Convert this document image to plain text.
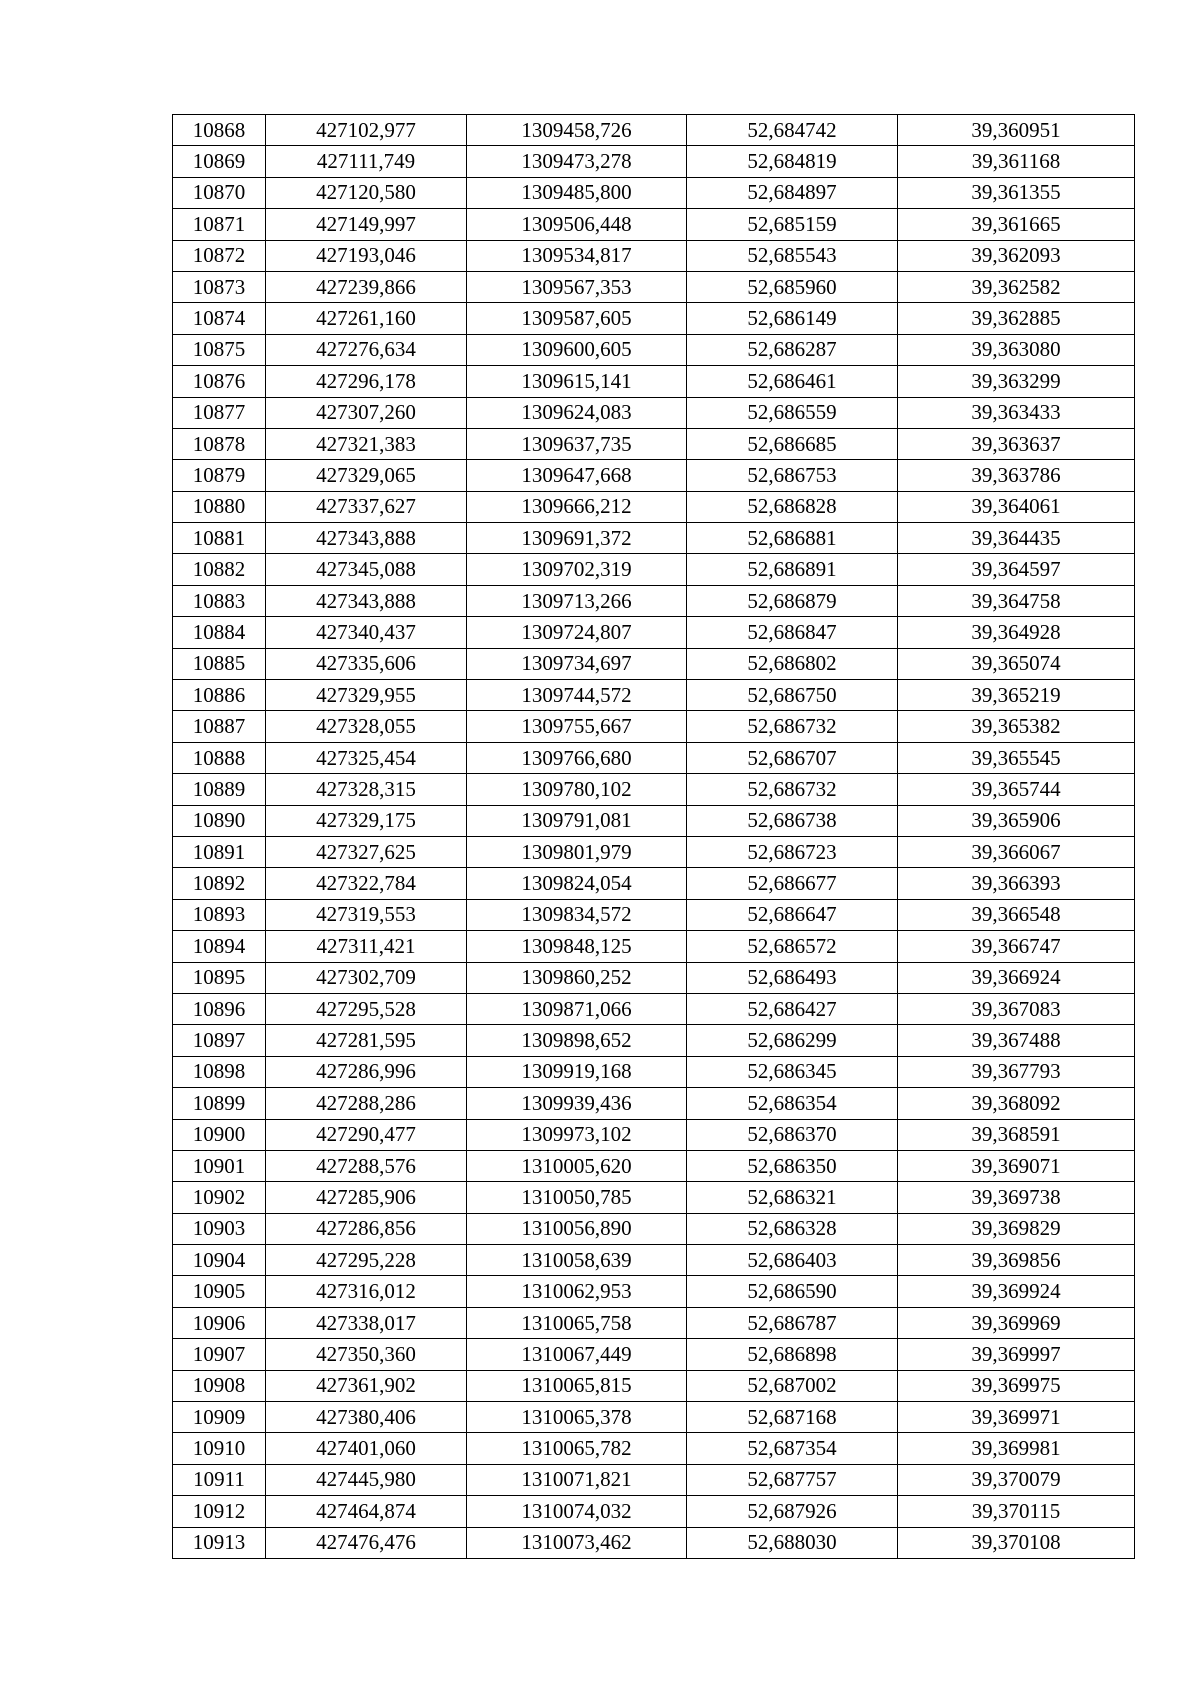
10868	427102,977	1309458,726	52,684742	39,360951
10869	427111,749	1309473,278	52,684819	39,361168
10870	427120,580	1309485,800	52,684897	39,361355
10871	427149,997	1309506,448	52,685159	39,361665
10872	427193,046	1309534,817	52,685543	39,362093
10873	427239,866	1309567,353	52,685960	39,362582
10874	427261,160	1309587,605	52,686149	39,362885
10875	427276,634	1309600,605	52,686287	39,363080
10876	427296,178	1309615,141	52,686461	39,363299
10877	427307,260	1309624,083	52,686559	39,363433
10878	427321,383	1309637,735	52,686685	39,363637
10879	427329,065	1309647,668	52,686753	39,363786
10880	427337,627	1309666,212	52,686828	39,364061
10881	427343,888	1309691,372	52,686881	39,364435
10882	427345,088	1309702,319	52,686891	39,364597
10883	427343,888	1309713,266	52,686879	39,364758
10884	427340,437	1309724,807	52,686847	39,364928
10885	427335,606	1309734,697	52,686802	39,365074
10886	427329,955	1309744,572	52,686750	39,365219
10887	427328,055	1309755,667	52,686732	39,365382
10888	427325,454	1309766,680	52,686707	39,365545
10889	427328,315	1309780,102	52,686732	39,365744
10890	427329,175	1309791,081	52,686738	39,365906
10891	427327,625	1309801,979	52,686723	39,366067
10892	427322,784	1309824,054	52,686677	39,366393
10893	427319,553	1309834,572	52,686647	39,366548
10894	427311,421	1309848,125	52,686572	39,366747
10895	427302,709	1309860,252	52,686493	39,366924
10896	427295,528	1309871,066	52,686427	39,367083
10897	427281,595	1309898,652	52,686299	39,367488
10898	427286,996	1309919,168	52,686345	39,367793
10899	427288,286	1309939,436	52,686354	39,368092
10900	427290,477	1309973,102	52,686370	39,368591
10901	427288,576	1310005,620	52,686350	39,369071
10902	427285,906	1310050,785	52,686321	39,369738
10903	427286,856	1310056,890	52,686328	39,369829
10904	427295,228	1310058,639	52,686403	39,369856
10905	427316,012	1310062,953	52,686590	39,369924
10906	427338,017	1310065,758	52,686787	39,369969
10907	427350,360	1310067,449	52,686898	39,369997
10908	427361,902	1310065,815	52,687002	39,369975
10909	427380,406	1310065,378	52,687168	39,369971
10910	427401,060	1310065,782	52,687354	39,369981
10911	427445,980	1310071,821	52,687757	39,370079
10912	427464,874	1310074,032	52,687926	39,370115
10913	427476,476	1310073,462	52,688030	39,370108
